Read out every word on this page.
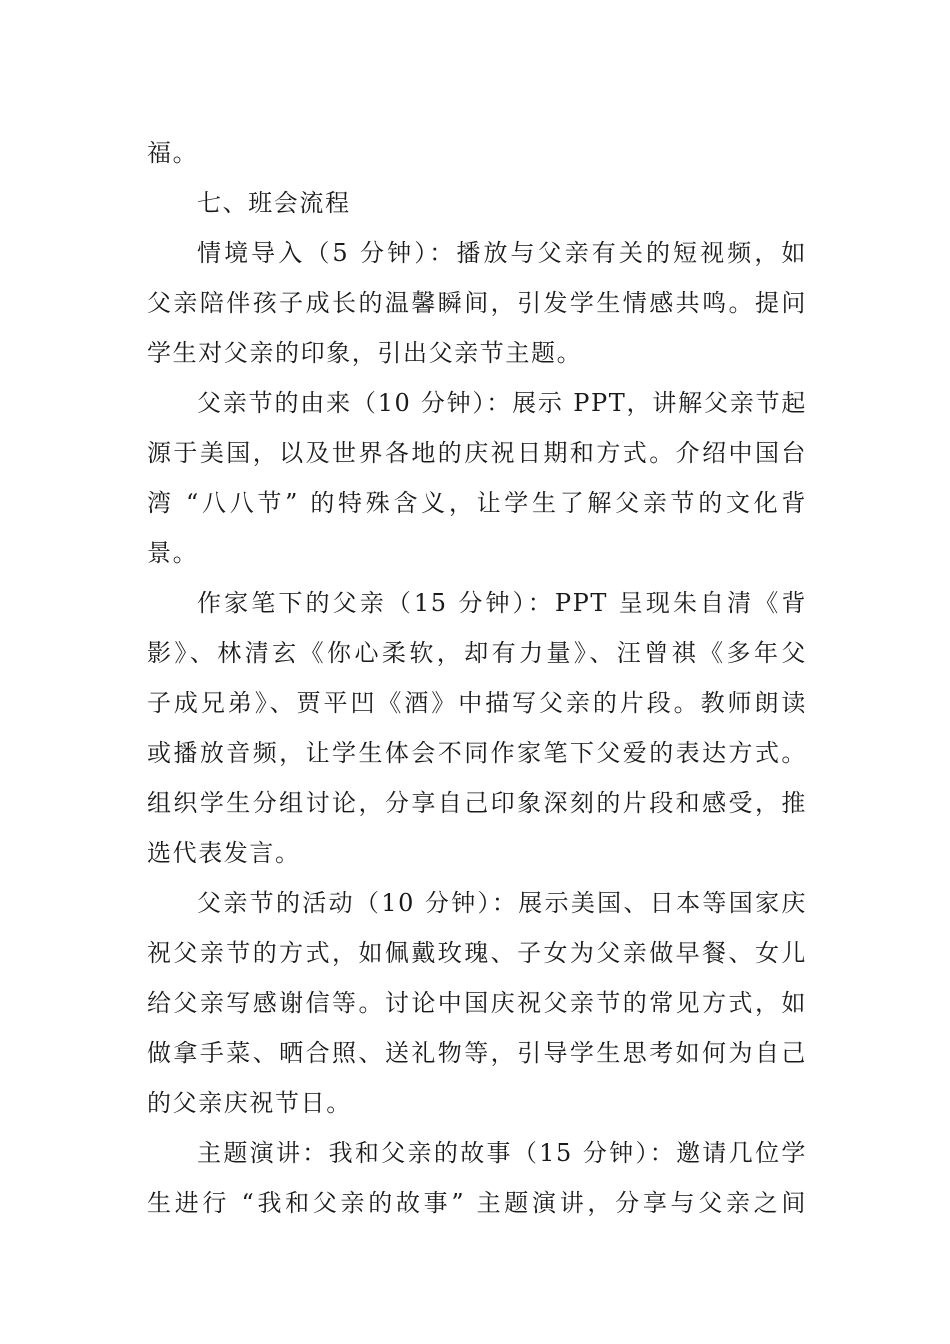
福。

七、班会流程

情境导入（5 分钟）：播放与父亲有关的短视频，如
父亲陪伴孩子成长的温馨瞬间，引发学生情感共鸣。提问
学生对父亲的印象，引出父亲节主题。

父亲节的由来（10 分钟）：展示 PPT，讲解父亲节起
源于美国，以及世界各地的庆祝日期和方式。介绍中国台
湾 “八八节” 的特殊含义，让学生了解父亲节的文化背
景。

作家笔下的父亲（15 分钟）：PPT 呈现朱自清《背
影》、林清玄《你心柔软，却有力量》、汪曾祺《多年父
子成兄弟》、贾平凹《酒》中描写父亲的片段。教师朗读
或播放音频，让学生体会不同作家笔下父爱的表达方式。
组织学生分组讨论，分享自己印象深刻的片段和感受，推
选代表发言。

父亲节的活动（10 分钟）：展示美国、日本等国家庆
祝父亲节的方式，如佩戴玫瑰、子女为父亲做早餐、女儿
给父亲写感谢信等。讨论中国庆祝父亲节的常见方式，如
做拿手菜、晒合照、送礼物等，引导学生思考如何为自己
的父亲庆祝节日。

主题演讲：我和父亲的故事（15 分钟）：邀请几位学
生进行 “我和父亲的故事” 主题演讲，分享与父亲之间
